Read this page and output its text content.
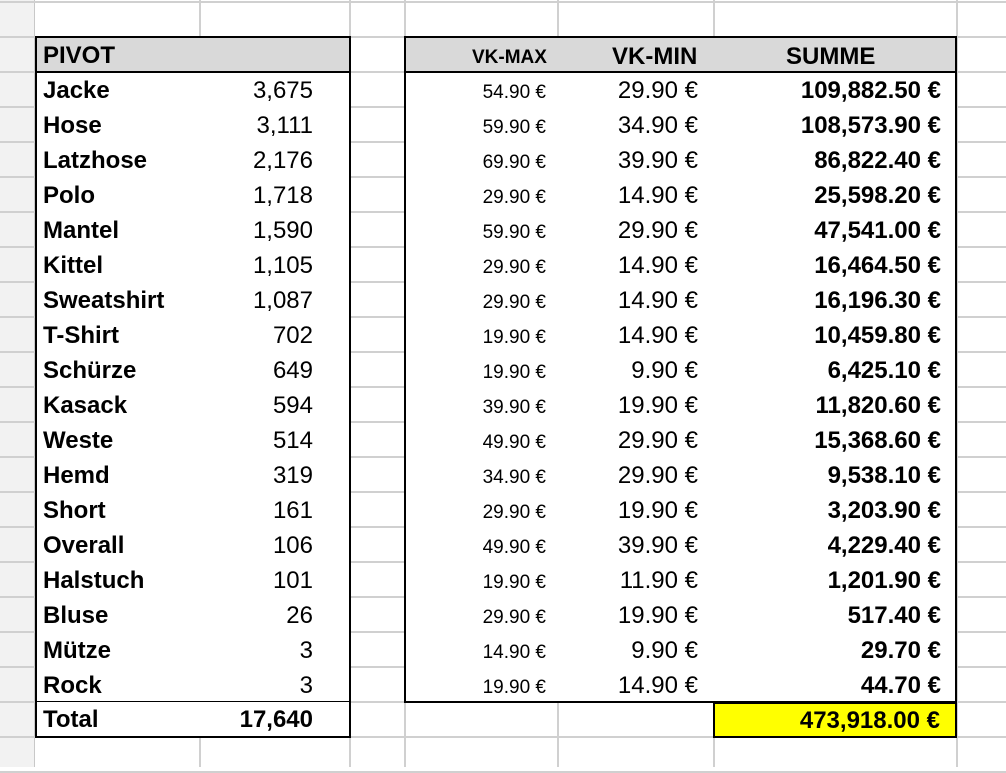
PIVOT
Jacke	3,675
Hose	3,111
Latzhose	2,176
Polo	1,718
Mantel	1,590
Kittel	1,105
Sweatshirt	1,087
T-Shirt	702
Schürze	649
Kasack	594
Weste	514
Hemd	319
Short	161
Overall	106
Halstuch	101
Bluse	26
Mütze	3
Rock	3
Total	17,640
VK-MAX	VK-MIN	SUMME
54.90 €	29.90 €	109,882.50 €
59.90 €	34.90 €	108,573.90 €
69.90 €	39.90 €	86,822.40 €
29.90 €	14.90 €	25,598.20 €
59.90 €	29.90 €	47,541.00 €
29.90 €	14.90 €	16,464.50 €
29.90 €	14.90 €	16,196.30 €
19.90 €	14.90 €	10,459.80 €
19.90 €	9.90 €	6,425.10 €
39.90 €	19.90 €	11,820.60 €
49.90 €	29.90 €	15,368.60 €
34.90 €	29.90 €	9,538.10 €
29.90 €	19.90 €	3,203.90 €
49.90 €	39.90 €	4,229.40 €
19.90 €	11.90 €	1,201.90 €
29.90 €	19.90 €	517.40 €
14.90 €	9.90 €	29.70 €
19.90 €	14.90 €	44.70 €
473,918.00 €
